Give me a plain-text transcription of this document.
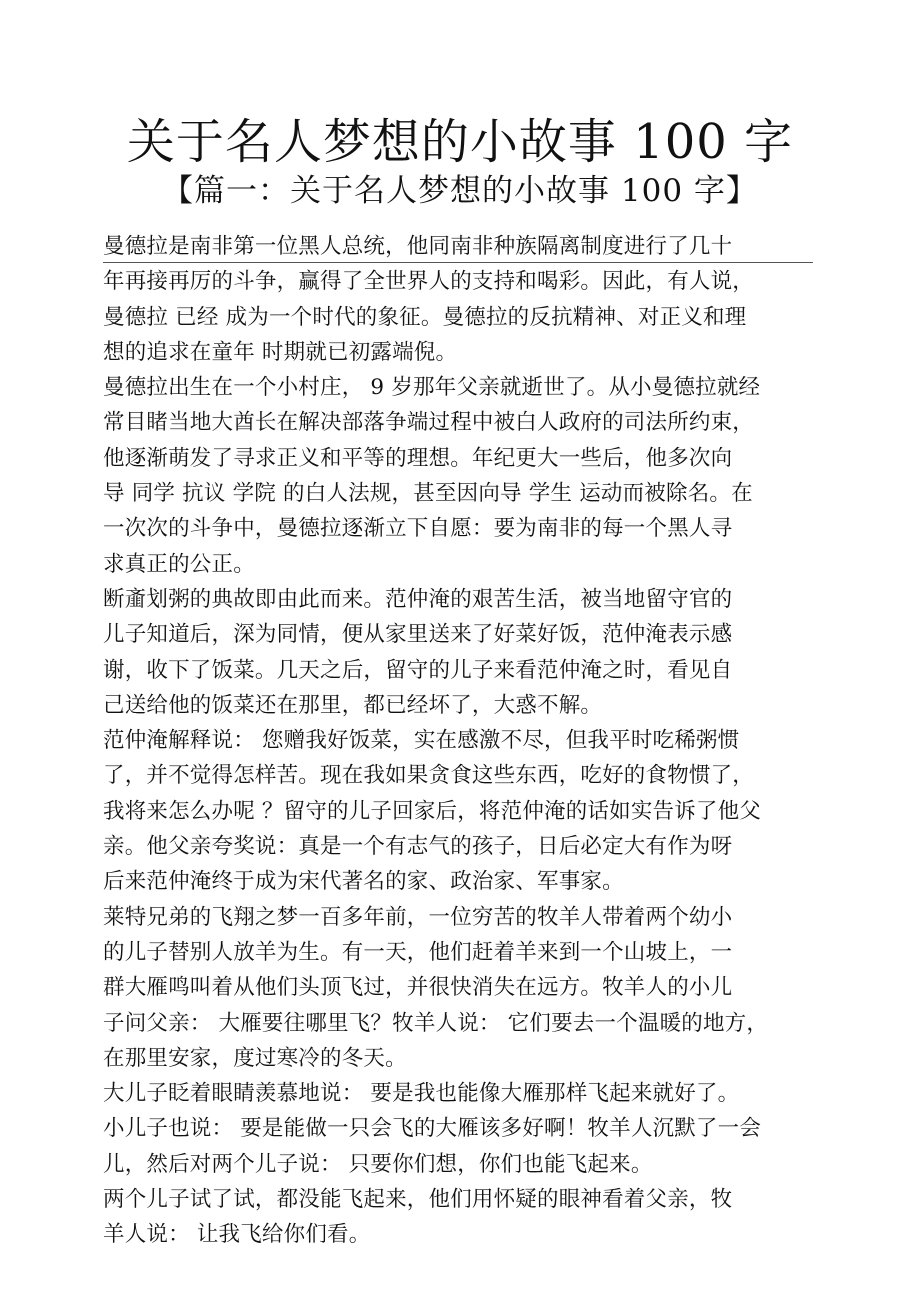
关于名人梦想的小故事 100 字
【篇一：关于名人梦想的小故事 100 字】
曼德拉是南非第一位黑人总统，他同南非种族隔离制度进行了几十
年再接再厉的斗争，赢得了全世界人的支持和喝彩。因此，有人说，
曼德拉 已经 成为一个时代的象征。曼德拉的反抗精神、对正义和理
想的追求在童年 时期就已初露端倪。
曼德拉出生在一个小村庄， 9 岁那年父亲就逝世了。从小曼德拉就经
常目睹当地大酋长在解决部落争端过程中被白人政府的司法所约束，
他逐渐萌发了寻求正义和平等的理想。年纪更大一些后，他多次向
导 同学 抗议 学院 的白人法规，甚至因向导 学生 运动而被除名。在
一次次的斗争中，曼德拉逐渐立下自愿：要为南非的每一个黑人寻
求真正的公正。
断齑划粥的典故即由此而来。范仲淹的艰苦生活，被当地留守官的
儿子知道后，深为同情，便从家里送来了好菜好饭，范仲淹表示感
谢，收下了饭菜。几天之后，留守的儿子来看范仲淹之时，看见自
己送给他的饭菜还在那里，都已经坏了，大惑不解。
范仲淹解释说： 您赠我好饭菜，实在感激不尽，但我平时吃稀粥惯
了，并不觉得怎样苦。现在我如果贪食这些东西，吃好的食物惯了，
我将来怎么办呢 ？留守的儿子回家后，将范仲淹的话如实告诉了他父
亲。他父亲夸奖说：真是一个有志气的孩子，日后必定大有作为呀
后来范仲淹终于成为宋代著名的家、政治家、军事家。
莱特兄弟的飞翔之梦一百多年前，一位穷苦的牧羊人带着两个幼小
的儿子替别人放羊为生。有一天，他们赶着羊来到一个山坡上，一
群大雁鸣叫着从他们头顶飞过，并很快消失在远方。牧羊人的小儿
子问父亲： 大雁要往哪里飞？牧羊人说： 它们要去一个温暖的地方，
在那里安家，度过寒冷的冬天。
大儿子眨着眼睛羡慕地说： 要是我也能像大雁那样飞起来就好了。
小儿子也说： 要是能做一只会飞的大雁该多好啊！牧羊人沉默了一会
儿，然后对两个儿子说： 只要你们想，你们也能飞起来。
两个儿子试了试，都没能飞起来，他们用怀疑的眼神看着父亲，牧
羊人说： 让我飞给你们看。
